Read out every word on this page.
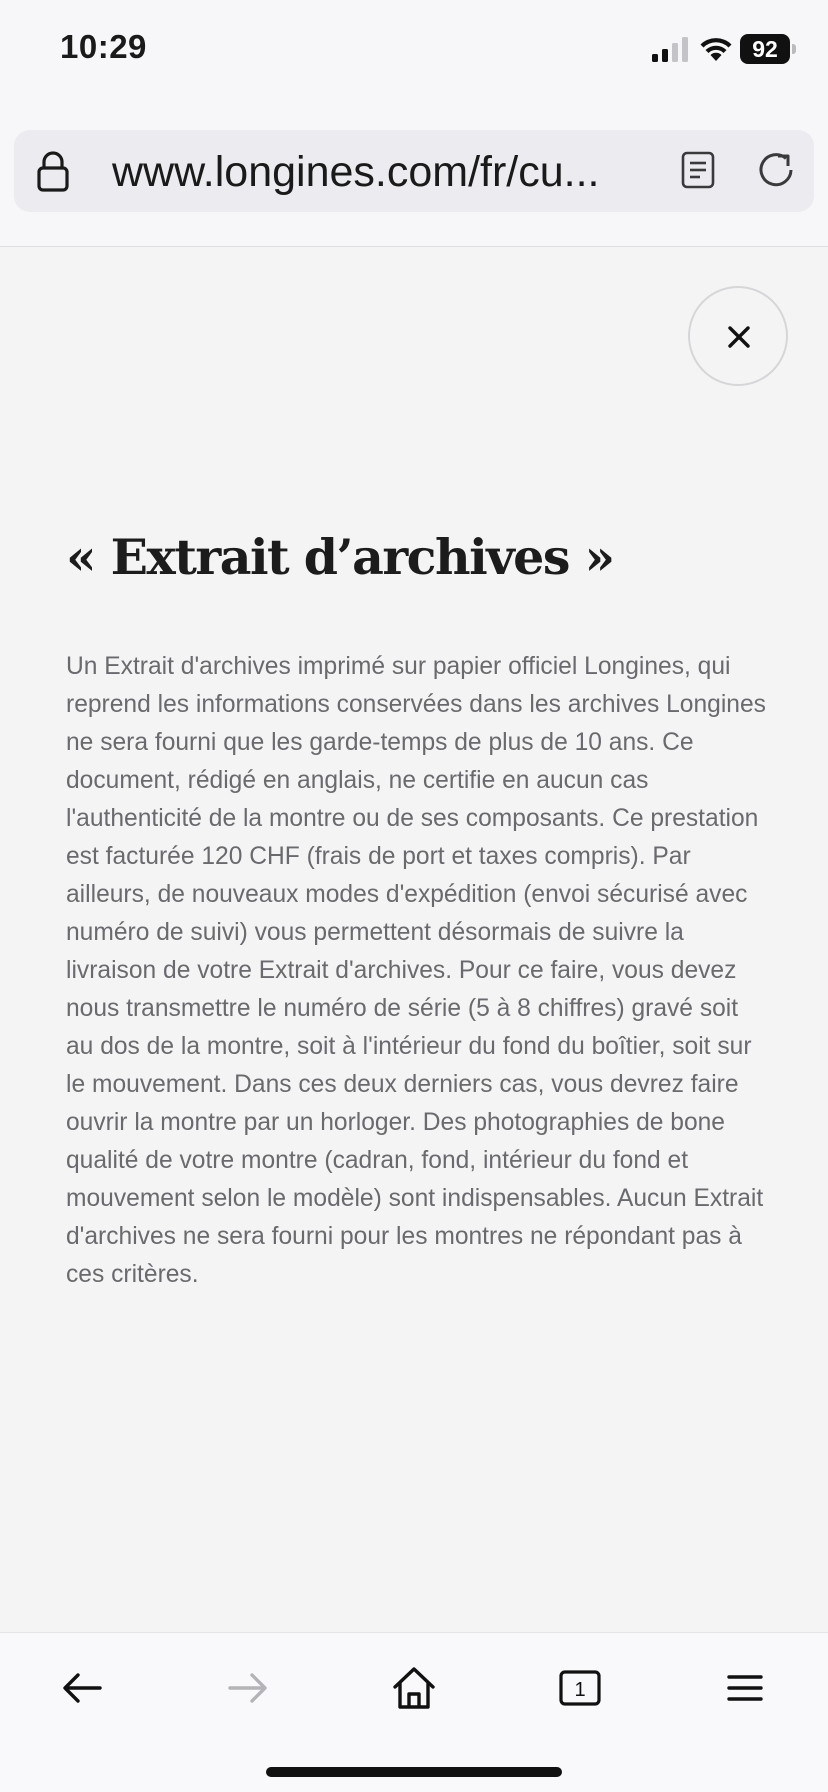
10:29	92
www.longines.com/fr/cu...
« Extrait d’archives »

Un Extrait d'archives imprimé sur papier officiel Longines, qui reprend les informations conservées dans les archives Longines ne sera fourni que les garde-temps de plus de 10 ans. Ce document, rédigé en anglais, ne certifie en aucun cas l'authenticité de la montre ou de ses composants. Ce prestation est facturée 120 CHF (frais de port et taxes compris). Par ailleurs, de nouveaux modes d'expédition (envoi sécurisé avec numéro de suivi) vous permettent désormais de suivre la livraison de votre Extrait d'archives. Pour ce faire, vous devez nous transmettre le numéro de série (5 à 8 chiffres) gravé soit au dos de la montre, soit à l'intérieur du fond du boîtier, soit sur le mouvement. Dans ces deux derniers cas, vous devrez faire ouvrir la montre par un horloger. Des photographies de bone qualité de votre montre (cadran, fond, intérieur du fond et mouvement selon le modèle) sont indispensables. Aucun Extrait d'archives ne sera fourni pour les montres ne répondant pas à ces critères.

1
